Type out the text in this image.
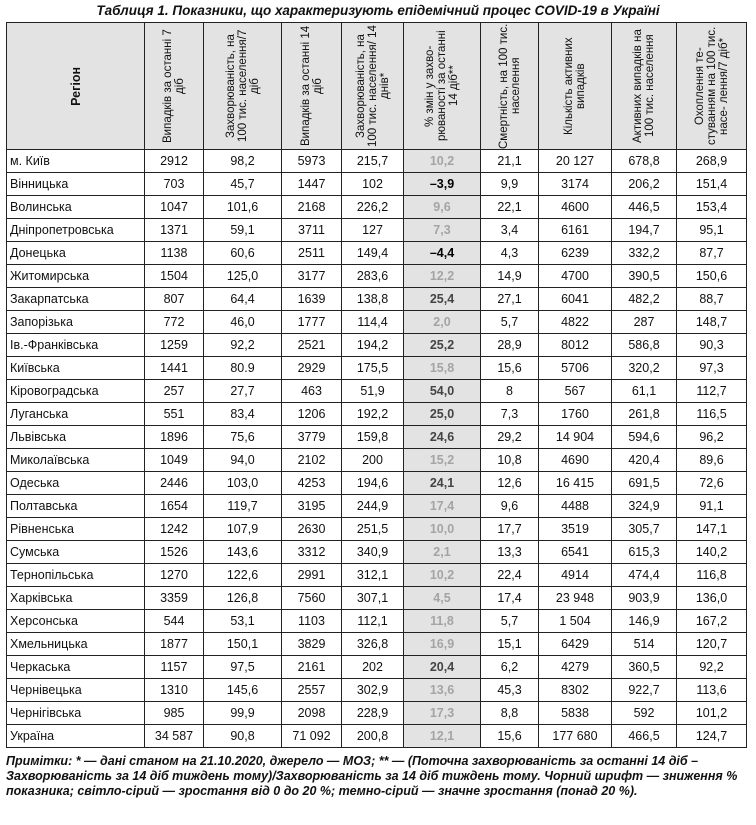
Таблиця 1. Показники, що характеризують епідемічний процес COVID-19 в Україні
Регіон	Випадків за останні 7 діб	Захворюваність, на 100 тис. населення/7 діб	Випадків за останні 14 діб	Захворюваність, на 100 тис. населення/ 14 днів*	% змін у захво- рюваності за останні 14 діб**	Смертність, на 100 тис. населення	Кількість активних випадків	Активних випадків на 100 тис. населення	Охоплення те- стуванням на 100 тис. насе- лення/7 діб*

м. Київ	2912	98,2	5973	215,7	10,2	21,1	20 127	678,8	268,9
Вінницька	703	45,7	1447	102	–3,9	9,9	3174	206,2	151,4
Волинська	1047	101,6	2168	226,2	9,6	22,1	4600	446,5	153,4
Дніпропетровська	1371	59,1	3711	127	7,3	3,4	6161	194,7	95,1
Донецька	1138	60,6	2511	149,4	–4,4	4,3	6239	332,2	87,7
Житомирська	1504	125,0	3177	283,6	12,2	14,9	4700	390,5	150,6
Закарпатська	807	64,4	1639	138,8	25,4	27,1	6041	482,2	88,7
Запорізька	772	46,0	1777	114,4	2,0	5,7	4822	287	148,7
Ів.-Франківська	1259	92,2	2521	194,2	25,2	28,9	8012	586,8	90,3
Київська	1441	80.9	2929	175,5	15,8	15,6	5706	320,2	97,3
Кіровоградська	257	27,7	463	51,9	54,0	8	567	61,1	112,7
Луганська	551	83,4	1206	192,2	25,0	7,3	1760	261,8	116,5
Львівська	1896	75,6	3779	159,8	24,6	29,2	14 904	594,6	96,2
Миколаївська	1049	94,0	2102	200	15,2	10,8	4690	420,4	89,6
Одеська	2446	103,0	4253	194,6	24,1	12,6	16 415	691,5	72,6
Полтавська	1654	119,7	3195	244,9	17,4	9,6	4488	324,9	91,1
Рівненська	1242	107,9	2630	251,5	10,0	17,7	3519	305,7	147,1
Сумська	1526	143,6	3312	340,9	2,1	13,3	6541	615,3	140,2
Тернопільська	1270	122,6	2991	312,1	10,2	22,4	4914	474,4	116,8
Харківська	3359	126,8	7560	307,1	4,5	17,4	23 948	903,9	136,0
Херсонська	544	53,1	1103	112,1	11,8	5,7	1 504	146,9	167,2
Хмельницька	1877	150,1	3829	326,8	16,9	15,1	6429	514	120,7
Черкаська	1157	97,5	2161	202	20,4	6,2	4279	360,5	92,2
Чернівецька	1310	145,6	2557	302,9	13,6	45,3	8302	922,7	113,6
Чернігівська	985	99,9	2098	228,9	17,3	8,8	5838	592	101,2
Україна	34 587	90,8	71 092	200,8	12,1	15,6	177 680	466,5	124,7
Примітки: * — дані станом на 21.10.2020, джерело — МОЗ; ** — (Поточна захворюваність за останні 14 діб – Захворюваність за 14 діб тиждень тому)/Захворюваність за 14 діб тиждень тому. Чорний шрифт — зниження % показника; світло-сірий — зростання від 0 до 20 %; темно-сірий — значне зростання (понад 20 %).
